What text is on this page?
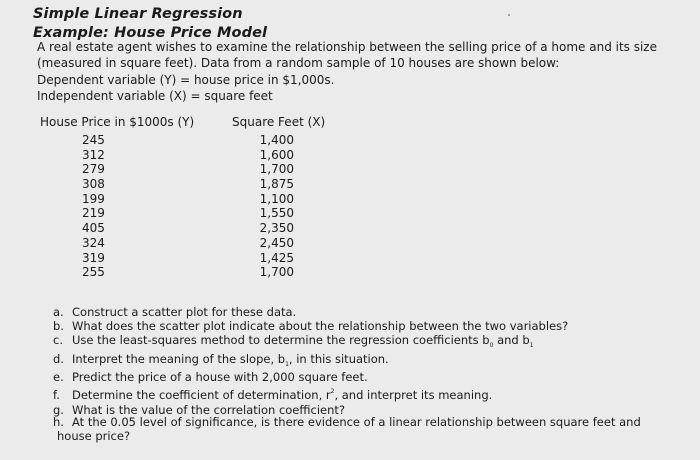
Simple Linear Regression
Example: House Price Model
A real estate agent wishes to examine the relationship between the selling price of a home and its size
(measured in square feet). Data from a random sample of 10 houses are shown below:
Dependent variable (Y) = house price in $1,000s.
Independent variable (X) = square feet
House Price in $1000s (Y)	Square Feet (X)
245
312
279
308
199
219
405
324
319
255
1,400
1,600
1,700
1,875
1,100
1,550
2,350
2,450
1,425
1,700
a. Construct a scatter plot for these data.
b. What does the scatter plot indicate about the relationship between the two variables?
c. Use the least-squares method to determine the regression coefficients $b_0$ and $b_1$
d. Interpret the meaning of the slope, $b_1$, in this situation.
e. Predict the price of a house with 2,000 square feet.
f. Determine the coefficient of determination, $r^2$, and interpret its meaning.
g. What is the value of the correlation coefficient?
h. At the 0.05 level of significance, is there evidence of a linear relationship between square feet and
house price?
